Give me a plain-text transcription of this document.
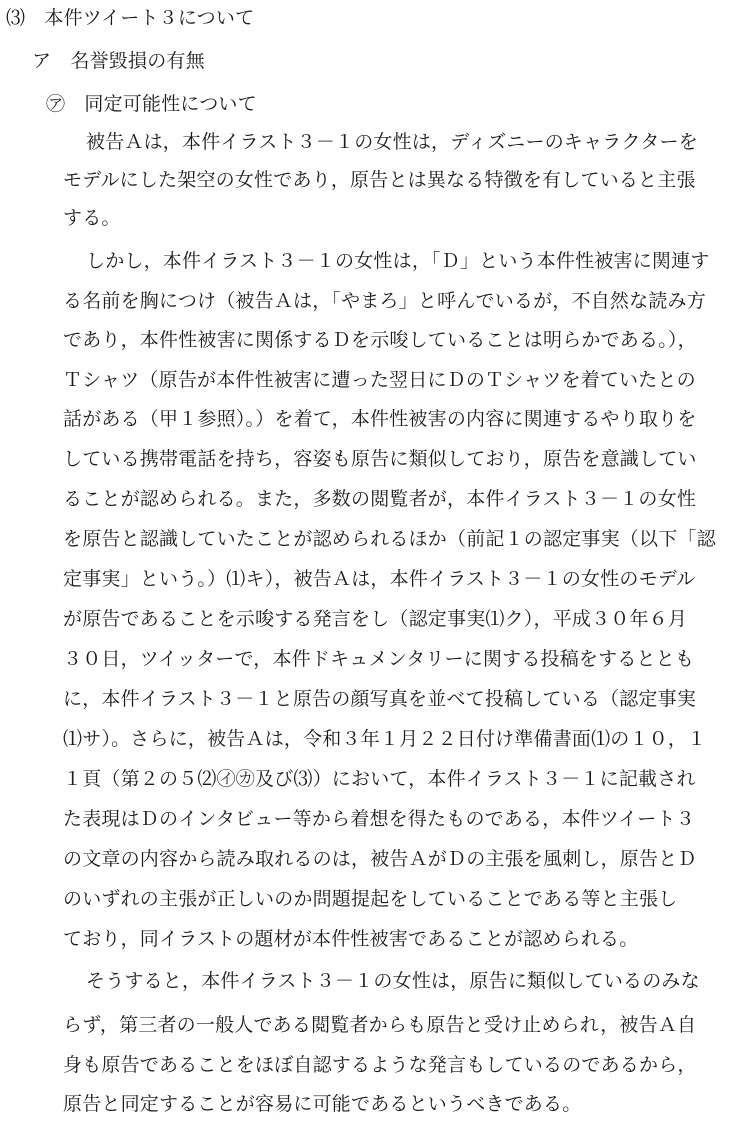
⑶　本件ツイート３について
ア　名誉毀損の有無
㋐　同定可能性について
被告Ａは，本件イラスト３－１の女性は，ディズニーのキャラクターを
モデルにした架空の女性であり，原告とは異なる特徴を有していると主張
する。
しかし，本件イラスト３－１の女性は，「Ｄ」という本件性被害に関連す
る名前を胸につけ（被告Ａは，「やまろ」と呼んでいるが，不自然な読み方
であり，本件性被害に関係するＤを示唆していることは明らかである。），
Ｔシャツ（原告が本件性被害に遭った翌日にＤのＴシャツを着ていたとの
話がある（甲１参照）。）を着て，本件性被害の内容に関連するやり取りを
している携帯電話を持ち，容姿も原告に類似しており，原告を意識してい
ることが認められる。また，多数の閲覧者が，本件イラスト３－１の女性
を原告と認識していたことが認められるほか（前記１の認定事実（以下「認
定事実」という。）⑴キ），被告Ａは，本件イラスト３－１の女性のモデル
が原告であることを示唆する発言をし（認定事実⑴ク），平成３０年６月
３０日，ツイッターで，本件ドキュメンタリーに関する投稿をするととも
に，本件イラスト３－１と原告の顔写真を並べて投稿している（認定事実
⑴サ）。さらに，被告Ａは，令和３年１月２２日付け準備書面⑴の１０，１
１頁（第２の５⑵㋑㋕及び⑶）において，本件イラスト３－１に記載され
た表現はＤのインタビュー等から着想を得たものである，本件ツイート３
の文章の内容から読み取れるのは，被告ＡがＤの主張を風刺し，原告とＤ
のいずれの主張が正しいのか問題提起をしていることである等と主張し
ており，同イラストの題材が本件性被害であることが認められる。
そうすると，本件イラスト３－１の女性は，原告に類似しているのみな
らず，第三者の一般人である閲覧者からも原告と受け止められ，被告Ａ自
身も原告であることをほぼ自認するような発言もしているのであるから，
原告と同定することが容易に可能であるというべきである。
